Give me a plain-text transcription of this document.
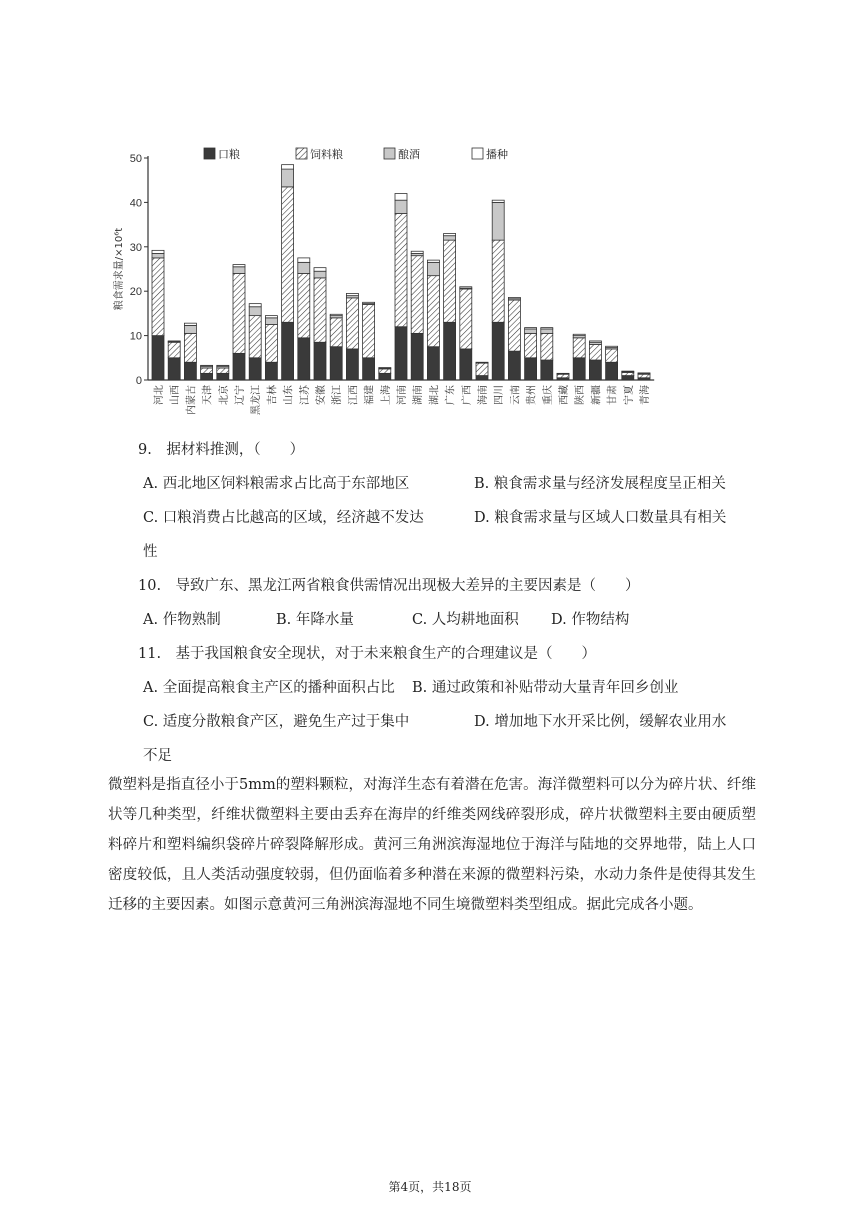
口粮	饲料粮	酿酒	播种
粮食需求量/×10⁶t
0
10
20
30
40
50
河北 山西 内蒙古 天津 北京 辽宁 黑龙江 吉林 山东 江苏 安徽 浙江 江西 福建 上海 河南 湖南 湖北 广东 广西 海南 四川 云南 贵州 重庆 西藏 陕西 新疆 甘肃 宁夏 青海
9.　据材料推测，（　　）
A. 西北地区饲料粮需求占比高于东部地区	B. 粮食需求量与经济发展程度呈正相关
C. 口粮消费占比越高的区域，经济越不发达	D. 粮食需求量与区域人口数量具有相关
性
10.　导致广东、黑龙江两省粮食供需情况出现极大差异的主要因素是（　　）
A. 作物熟制	B. 年降水量	C. 人均耕地面积 D. 作物结构
11.　基于我国粮食安全现状，对于未来粮食生产的合理建议是（　　）
A. 全面提高粮食主产区的播种面积占比 B. 通过政策和补贴带动大量青年回乡创业
C. 适度分散粮食产区，避免生产过于集中	D. 增加地下水开采比例，缓解农业用水
不足
微塑料是指直径小于5mm的塑料颗粒，对海洋生态有着潜在危害。海洋微塑料可以分为碎片状、纤维状等几种类型，纤维状微塑料主要由丢弃在海岸的纤维类网线碎裂形成，碎片状微塑料主要由硬质塑料碎片和塑料编织袋碎片碎裂降解形成。黄河三角洲滨海湿地位于海洋与陆地的交界地带，陆上人口密度较低，且人类活动强度较弱，但仍面临着多种潜在来源的微塑料污染，水动力条件是使得其发生迁移的主要因素。如图示意黄河三角洲滨海湿地不同生境微塑料类型组成。据此完成各小题。
第4页，共18页
